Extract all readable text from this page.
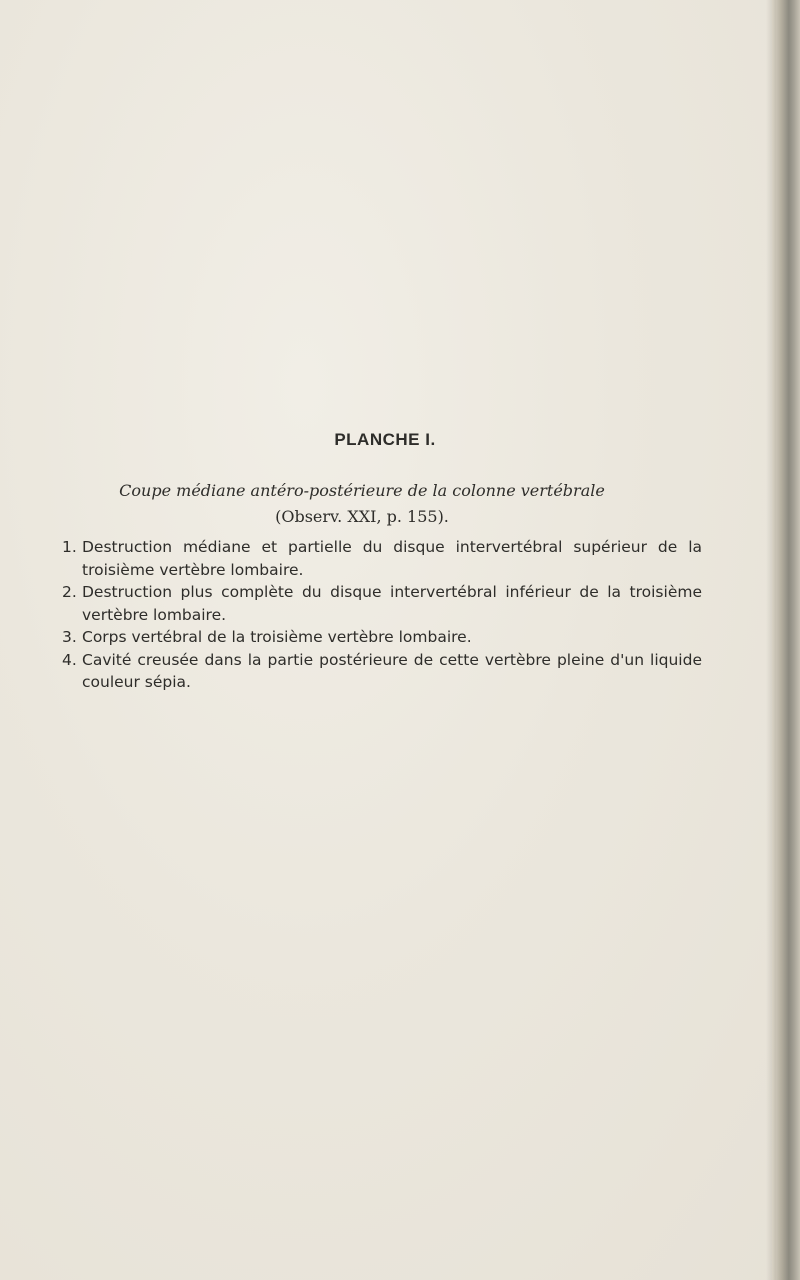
PLANCHE I.

Coupe médiane antéro-postérieure de la colonne vertébrale
(Observ. XXI, p. 155).

1. Destruction médiane et partielle du disque intervertébral supérieur de la troisième vertèbre lombaire.
2. Destruction plus complète du disque intervertébral inférieur de la troisième vertèbre lombaire.
3. Corps vertébral de la troisième vertèbre lombaire.
4. Cavité creusée dans la partie postérieure de cette vertèbre pleine d'un liquide couleur sépia.
